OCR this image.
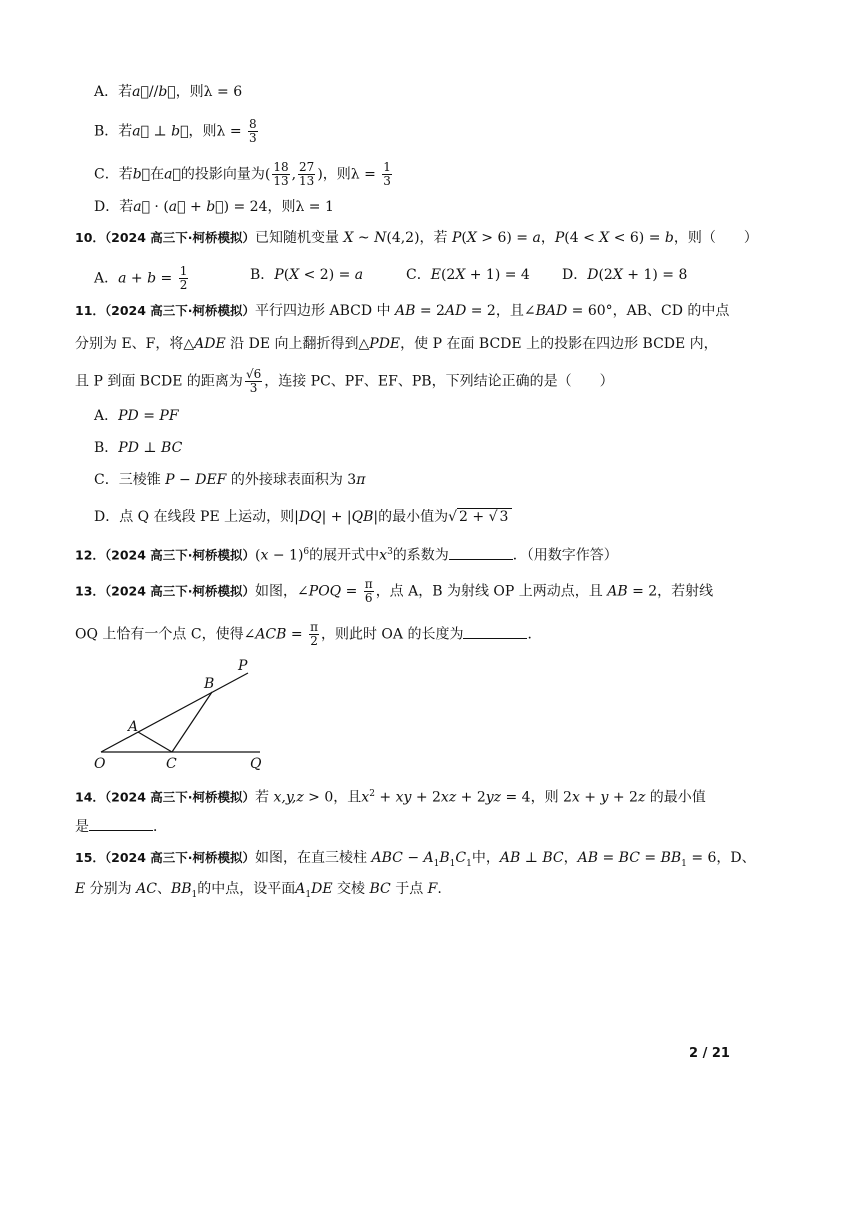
A．若a⃗//b⃗，则λ = 6
B．若a⃗ ⊥ b⃗，则$\lambda = \frac{8}{3}$
C．若b⃗在a⃗的投影向量为( $\frac{18}{13}$ , $\frac{27}{13}$ )，则$\lambda = \frac{1}{3}$
D．若a⃗ · (a⃗ + b⃗) = 24，则λ = 1
10．（2024 高三下·柯桥模拟）已知随机变量 X ~ N(4,2)，若 P(X > 6) = a，P(4 < X < 6) = b，则（　　）
A．$a + b = \frac{1}{2}$	B．P(X < 2) = a	C．E(2X + 1) = 4 D．D(2X + 1) = 8
11．（2024 高三下·柯桥模拟）平行四边形 ABCD 中 AB = 2AD = 2，且∠BAD = 60°，AB、CD 的中点
分别为 E、F，将△ADE 沿 DE 向上翻折得到△PDE，使 P 在面 BCDE 上的投影在四边形 BCDE 内，
且 P 到面 BCDE 的距离为 $\frac{√6}{3}$ ，连接 PC、PF、EF、PB，下列结论正确的是（　　）
A．PD = PF
B．PD ⊥ BC
C．三棱锥 P − DEF 的外接球表面积为 3π
D．点 Q 在线段 PE 上运动，则|DQ| + |QB|的最小值为√ 2 + √ 3
12．（2024 高三下·柯桥模拟）$(x - 1)^6$的展开式中$x^3$的系数为	．（用数字作答）
13．（2024 高三下·柯桥模拟）如图，∠POQ = $\frac{\pi}{6}$ ，点 A，B 为射线 OP 上两动点，且 AB = 2，若射线
OQ 上恰有一个点 C，使得∠ACB = $\frac{\pi}{2}$ ，则此时 OA 的长度为	．
P
B
A
O	C	Q
14．（2024 高三下·柯桥模拟）若 x,y,z > 0，且$x^2$ + xy + 2xz + 2yz = 4，则 2x + y + 2z 的最小值
是	．
15．（2024 高三下·柯桥模拟）如图，在直三棱柱 ABC − $A_1B_1C_1$中，AB ⊥ BC，AB = BC = $BB_1 = 6$，D、
E 分别为 AC、$BB_1$的中点，设平面$A_1DE$ 交棱 BC 于点 F.
2 / 21
